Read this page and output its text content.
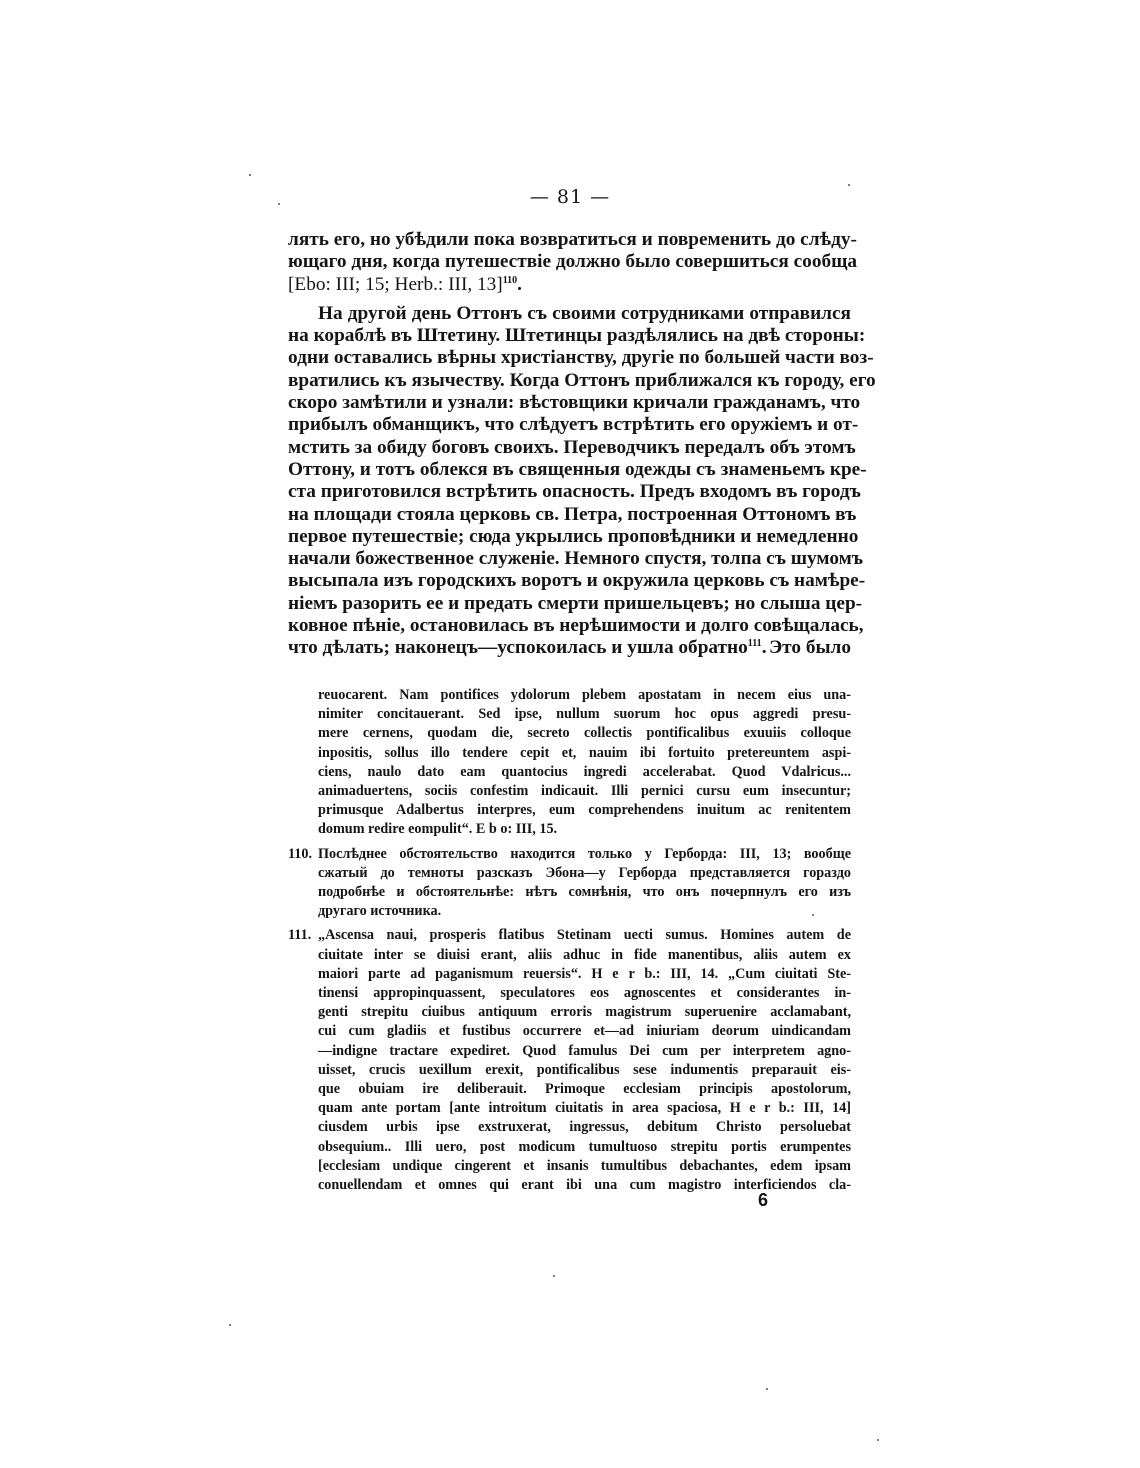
— 81 —
лять его, но убѣдили пока возвратиться и повременить до слѣду-
ющаго дня, когда путешествіе должно было совершиться сообща
[Ebo: III; 15; Herb.: III, 13]$^{110}$.
На другой день Оттонъ съ своими сотрудниками отправился
на кораблѣ въ Штетину. Штетинцы раздѣлялись на двѣ стороны:
одни оставались вѣрны христіанству, другіе по большей части воз-
вратились къ язычеству. Когда Оттонъ приближался къ городу, его
скоро замѣтили и узнали: вѣстовщики кричали гражданамъ, что
прибылъ обманщикъ, что слѣдуетъ встрѣтить его оружіемъ и от-
мстить за обиду боговъ своихъ. Переводчикъ передалъ объ этомъ
Оттону, и тотъ облекся въ священныя одежды съ знаменьемъ кре-
ста приготовился встрѣтить опасность. Предъ входомъ въ городъ
на площади стояла церковь св. Петра, построенная Оттономъ въ
первое путешествіе; сюда укрылись проповѣдники и немедленно
начали божественное служеніе. Немного спустя, толпа съ шумомъ
высыпала изъ городскихъ воротъ и окружила церковь съ намѣре-
ніемъ разорить ее и предать смерти пришельцевъ; но слыша цер-
ковное пѣніе, остановилась въ нерѣшимости и долго совѣщалась,
что дѣлать; наконецъ—успокоилась и ушла обратно$^{111}$. Это было
reuocarent. Nam pontifices ydolorum plebem apostatam in necem eius una-
nimiter concitauerant. Sed ipse, nullum suorum hoc opus aggredi presu-
mere cernens, quodam die, secreto collectis pontificalibus exuuiis colloque
inpositis, sollus illo tendere cepit et, nauim ibi fortuito pretereuntem aspi-
ciens, naulo dato eam quantocius ingredi accelerabat. Quod Vdalricus...
animaduertens, sociis confestim indicauit. Illi pernici cursu eum insecuntur;
primusque Adalbertus interpres, eum comprehendens inuitum ac renitentem
domum redire eompulit“. E b o: III, 15.
110. Послѣднее обстоятельство находится только у Герборда: III, 13; вообще
сжатый до темноты разсказъ Эбона—у Герборда представляется гораздо
подробнѣе и обстоятельнѣе: нѣтъ сомнѣнія, что онъ почерпнулъ его изъ
другаго источника.
111. „Ascensa naui, prosperis flatibus Stetinam uecti sumus. Homines autem de
ciuitate inter se diuisi erant, aliis adhuc in fide manentibus, aliis autem ex
maiori parte ad paganismum reuersis“. H e r b.: III, 14. „Cum ciuitati Ste-
tinensi appropinquassent, speculatores eos agnoscentes et considerantes in-
genti strepitu ciuibus antiquum erroris magistrum superuenire acclamabant,
cui cum gladiis et fustibus occurrere et—ad iniuriam deorum uindicandam
—indigne tractare expediret. Quod famulus Dei cum per interpretem agno-
uisset, crucis uexillum erexit, pontificalibus sese indumentis preparauit eis-
que obuiam ire deliberauit. Primoque ecclesiam principis apostolorum,
quam ante portam [ante introitum ciuitatis in area spaciosa, H e r b.: III, 14]
ciusdem urbis ipse exstruxerat, ingressus, debitum Christo persoluebat
obsequium.. Illi uero, post modicum tumultuoso strepitu portis erumpentes
[ecclesiam undique cingerent et insanis tumultibus debachantes, edem ipsam
conuellendam et omnes qui erant ibi una cum magistro interficiendos cla-
6
